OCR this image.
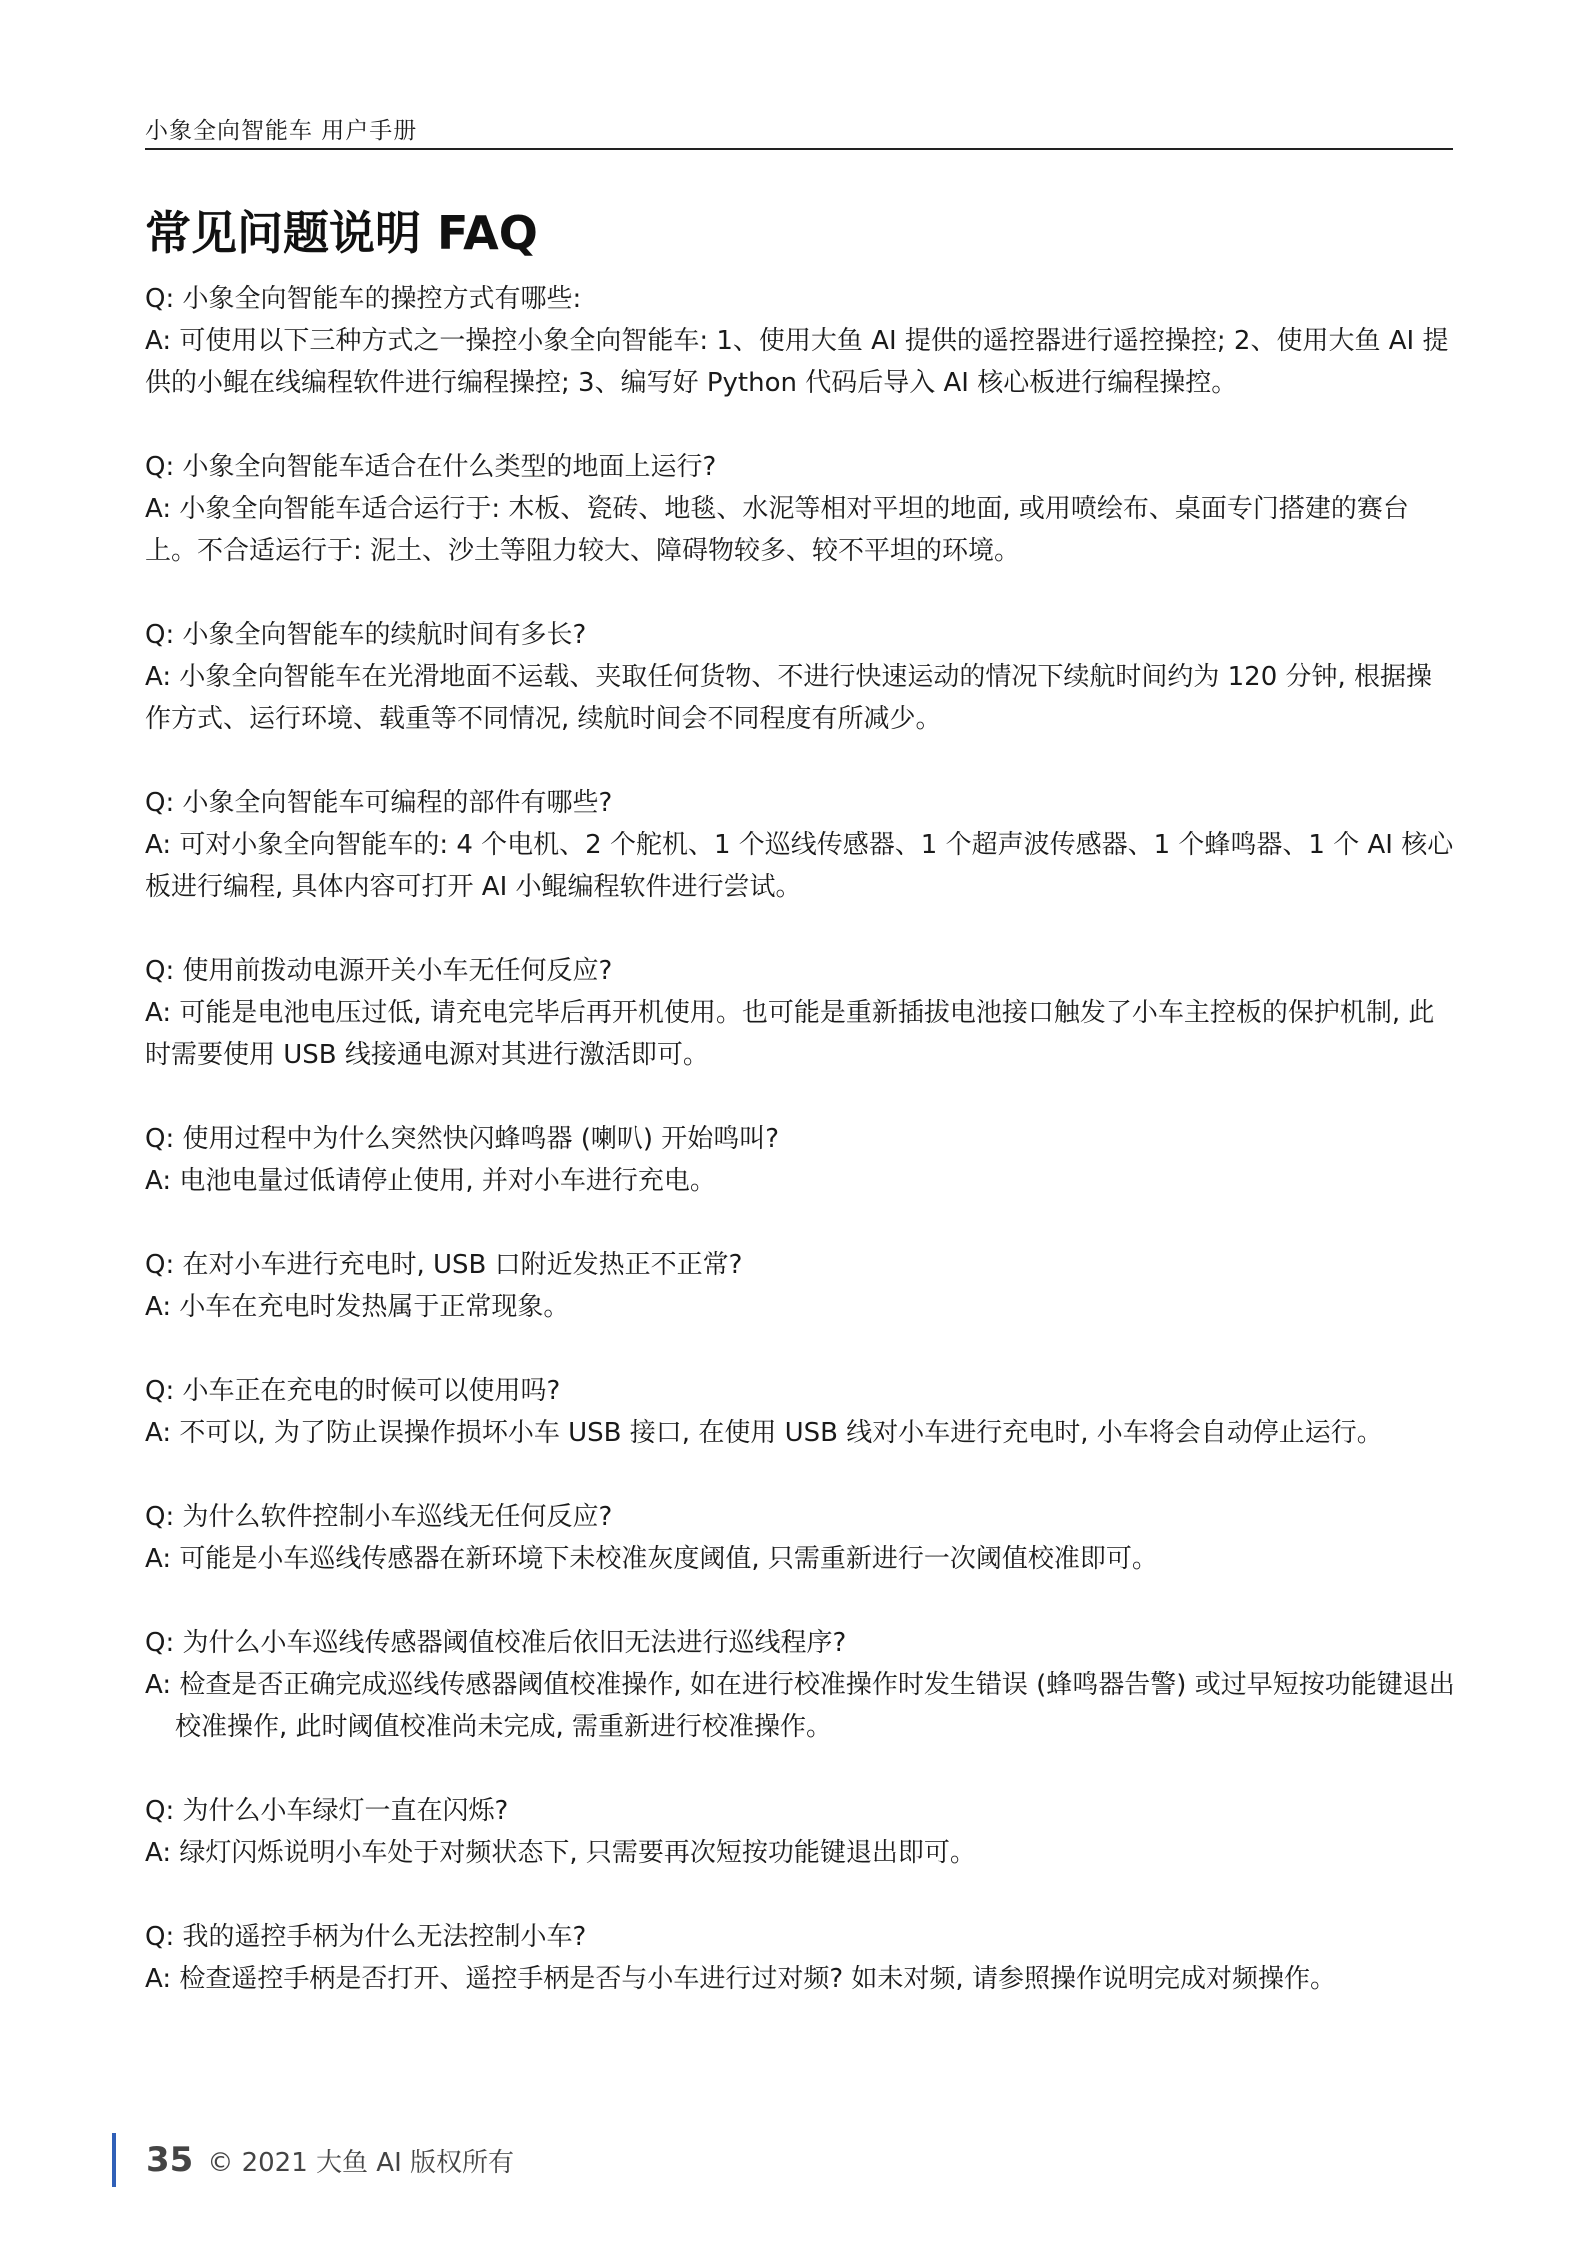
小象全向智能车 用户手册
常见问题说明 FAQ

Q: 小象全向智能车的操控方式有哪些:

A: 可使用以下三种方式之一操控小象全向智能车: 1、使用大鱼 AI 提供的遥控器进行遥控操控; 2、使用大鱼 AI 提供的小鲲在线编程软件进行编程操控; 3、编写好 Python 代码后导入 AI 核心板进行编程操控。

Q: 小象全向智能车适合在什么类型的地面上运行?

A: 小象全向智能车适合运行于: 木板、瓷砖、地毯、水泥等相对平坦的地面, 或用喷绘布、桌面专门搭建的赛台上。不合适运行于: 泥土、沙土等阻力较大、障碍物较多、较不平坦的环境。

Q: 小象全向智能车的续航时间有多长?

A: 小象全向智能车在光滑地面不运载、夹取任何货物、不进行快速运动的情况下续航时间约为 120 分钟, 根据操作方式、运行环境、载重等不同情况, 续航时间会不同程度有所减少。

Q: 小象全向智能车可编程的部件有哪些?

A: 可对小象全向智能车的: 4 个电机、2 个舵机、1 个巡线传感器、1 个超声波传感器、1 个蜂鸣器、1 个 AI 核心板进行编程, 具体内容可打开 AI 小鲲编程软件进行尝试。

Q: 使用前拨动电源开关小车无任何反应?

A: 可能是电池电压过低, 请充电完毕后再开机使用。也可能是重新插拔电池接口触发了小车主控板的保护机制, 此时需要使用 USB 线接通电源对其进行激活即可。

Q: 使用过程中为什么突然快闪蜂鸣器 (喇叭) 开始鸣叫?

A: 电池电量过低请停止使用, 并对小车进行充电。

Q: 在对小车进行充电时, USB 口附近发热正不正常?

A: 小车在充电时发热属于正常现象。

Q: 小车正在充电的时候可以使用吗?

A: 不可以, 为了防止误操作损坏小车 USB 接口, 在使用 USB 线对小车进行充电时, 小车将会自动停止运行。

Q: 为什么软件控制小车巡线无任何反应?

A: 可能是小车巡线传感器在新环境下未校准灰度阈值, 只需重新进行一次阈值校准即可。

Q: 为什么小车巡线传感器阈值校准后依旧无法进行巡线程序?

A: 检查是否正确完成巡线传感器阈值校准操作, 如在进行校准操作时发生错误 (蜂鸣器告警) 或过早短按功能键退出校准操作, 此时阈值校准尚未完成, 需重新进行校准操作。

Q: 为什么小车绿灯一直在闪烁?

A: 绿灯闪烁说明小车处于对频状态下, 只需要再次短按功能键退出即可。

Q: 我的遥控手柄为什么无法控制小车?

A: 检查遥控手柄是否打开、遥控手柄是否与小车进行过对频? 如未对频, 请参照操作说明完成对频操作。

35 © 2021 大鱼 AI 版权所有
